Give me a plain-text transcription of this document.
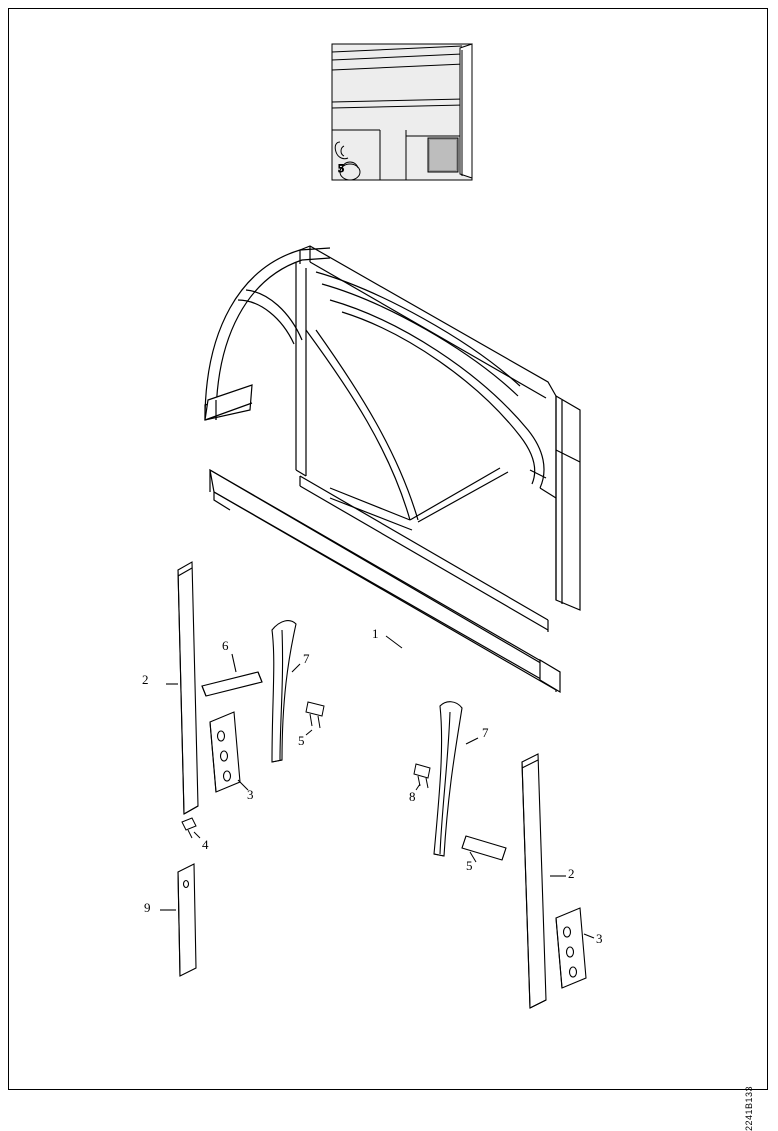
5
1
2
6
7
5
3
4
9
7
8
5
2
3
2241B133
